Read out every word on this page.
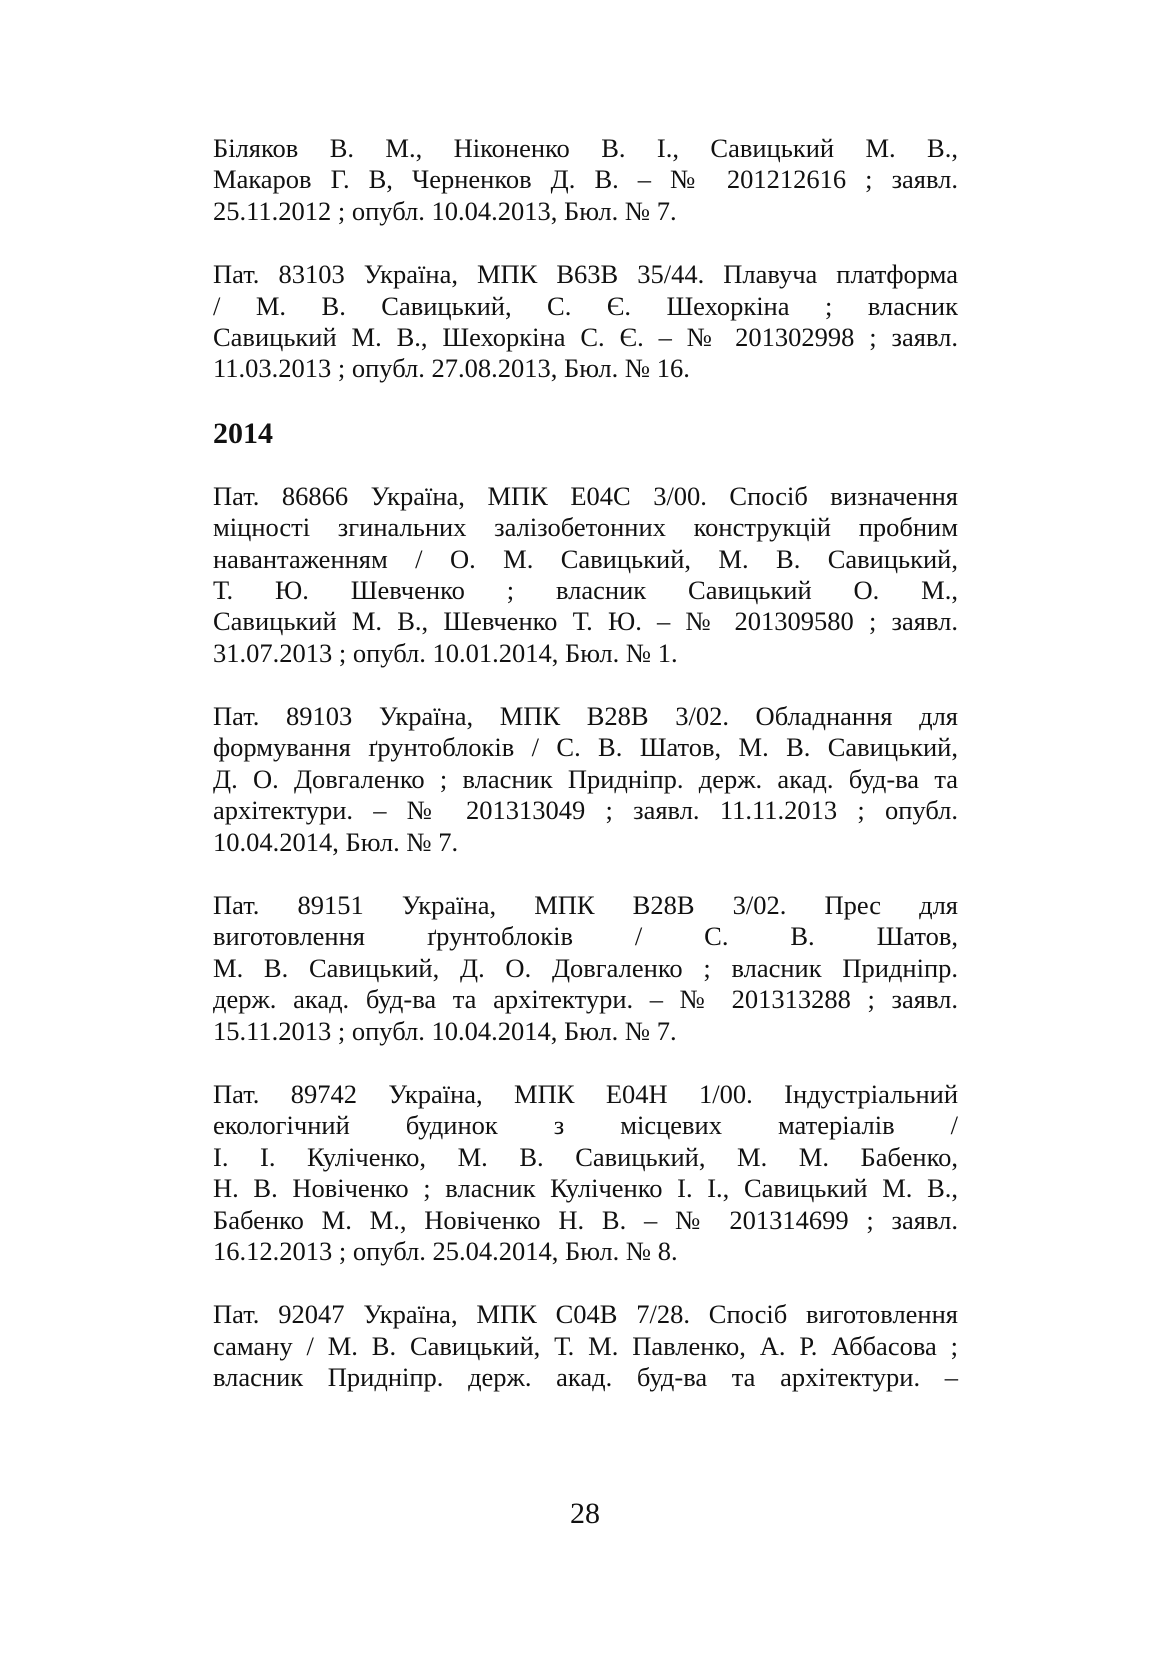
Біляков В. М., Ніконенко В. І., Савицький М. В.,
Макаров Г. В, Черненков Д. В. – № 201212616 ; заявл.
25.11.2012 ; опубл. 10.04.2013, Бюл. № 7.
Пат. 83103 Україна, МПК B63B 35/44. Плавуча платформа
/ М. В. Савицький, С. Є. Шехоркіна ; власник
Савицький М. В., Шехоркіна С. Є. – № 201302998 ; заявл.
11.03.2013 ; опубл. 27.08.2013, Бюл. № 16.
2014
Пат. 86866 Україна, МПК E04C 3/00. Спосіб визначення
міцності згинальних залізобетонних конструкцій пробним
навантаженням / О. М. Савицький, М. В. Савицький,
Т. Ю. Шевченко ; власник Савицький О. М.,
Савицький М. В., Шевченко Т. Ю. – № 201309580 ; заявл.
31.07.2013 ; опубл. 10.01.2014, Бюл. № 1.
Пат. 89103 Україна, МПК B28B 3/02. Обладнання для
формування ґрунтоблоків / С. В. Шатов, М. В. Савицький,
Д. О. Довгаленко ; власник Придніпр. держ. акад. буд-ва та
архітектури. – № 201313049 ; заявл. 11.11.2013 ; опубл.
10.04.2014, Бюл. № 7.
Пат. 89151 Україна, МПК B28B 3/02. Прес для
виготовлення ґрунтоблоків / С. В. Шатов,
М. В. Савицький, Д. О. Довгаленко ; власник Придніпр.
держ. акад. буд-ва та архітектури. – № 201313288 ; заявл.
15.11.2013 ; опубл. 10.04.2014, Бюл. № 7.
Пат. 89742 Україна, МПК E04H 1/00. Індустріальний
екологічний будинок з місцевих матеріалів /
І. І. Куліченко, М. В. Савицький, М. М. Бабенко,
Н. В. Новіченко ; власник Куліченко І. І., Савицький М. В.,
Бабенко М. М., Новіченко Н. В. – № 201314699 ; заявл.
16.12.2013 ; опубл. 25.04.2014, Бюл. № 8.
Пат. 92047 Україна, МПК C04B 7/28. Спосіб виготовлення
саману / М. В. Савицький, Т. М. Павленко, А. Р. Аббасова ;
власник Придніпр. держ. акад. буд-ва та архітектури. –
28
